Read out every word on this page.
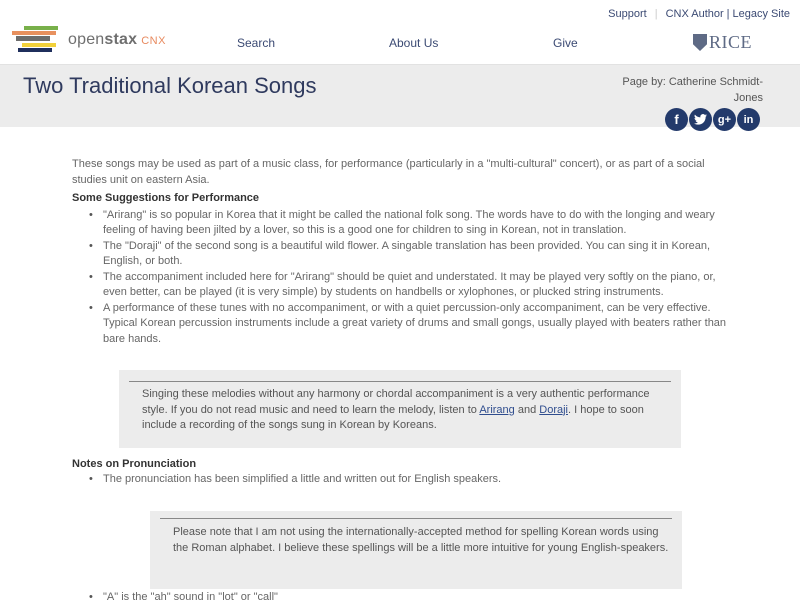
Support | CNX Author | Legacy Site
openstax CNX	Search	About Us	Give	RICE
Two Traditional Korean Songs	Page by: Catherine Schmidt-Jones
f	g+	in

These songs may be used as part of a music class, for performance (particularly in a "multi-cultural" concert), or as part of a social studies unit on eastern Asia.

Some Suggestions for Performance
• "Arirang" is so popular in Korea that it might be called the national folk song. The words have to do with the longing and weary feeling of having been jilted by a lover, so this is a good one for children to sing in Korean, not in translation.
• The "Doraji" of the second song is a beautiful wild flower. A singable translation has been provided. You can sing it in Korean, English, or both.
• The accompaniment included here for "Arirang" should be quiet and understated. It may be played very softly on the piano, or, even better, can be played (it is very simple) by students on handbells or xylophones, or plucked string instruments.
• A performance of these tunes with no accompaniment, or with a quiet percussion-only accompaniment, can be very effective. Typical Korean percussion instruments include a great variety of drums and small gongs, usually played with beaters rather than bare hands.

Singing these melodies without any harmony or chordal accompaniment is a very authentic performance style. If you do not read music and need to learn the melody, listen to Arirang and Doraji. I hope to soon include a recording of the songs sung in Korean by Koreans.

Notes on Pronunciation
• The pronunciation has been simplified a little and written out for English speakers.

Please note that I am not using the internationally-accepted method for spelling Korean words using the Roman alphabet. I believe these spellings will be a little more intuitive for young English-speakers.

• "A" is the "ah" sound in "lot" or "call"
